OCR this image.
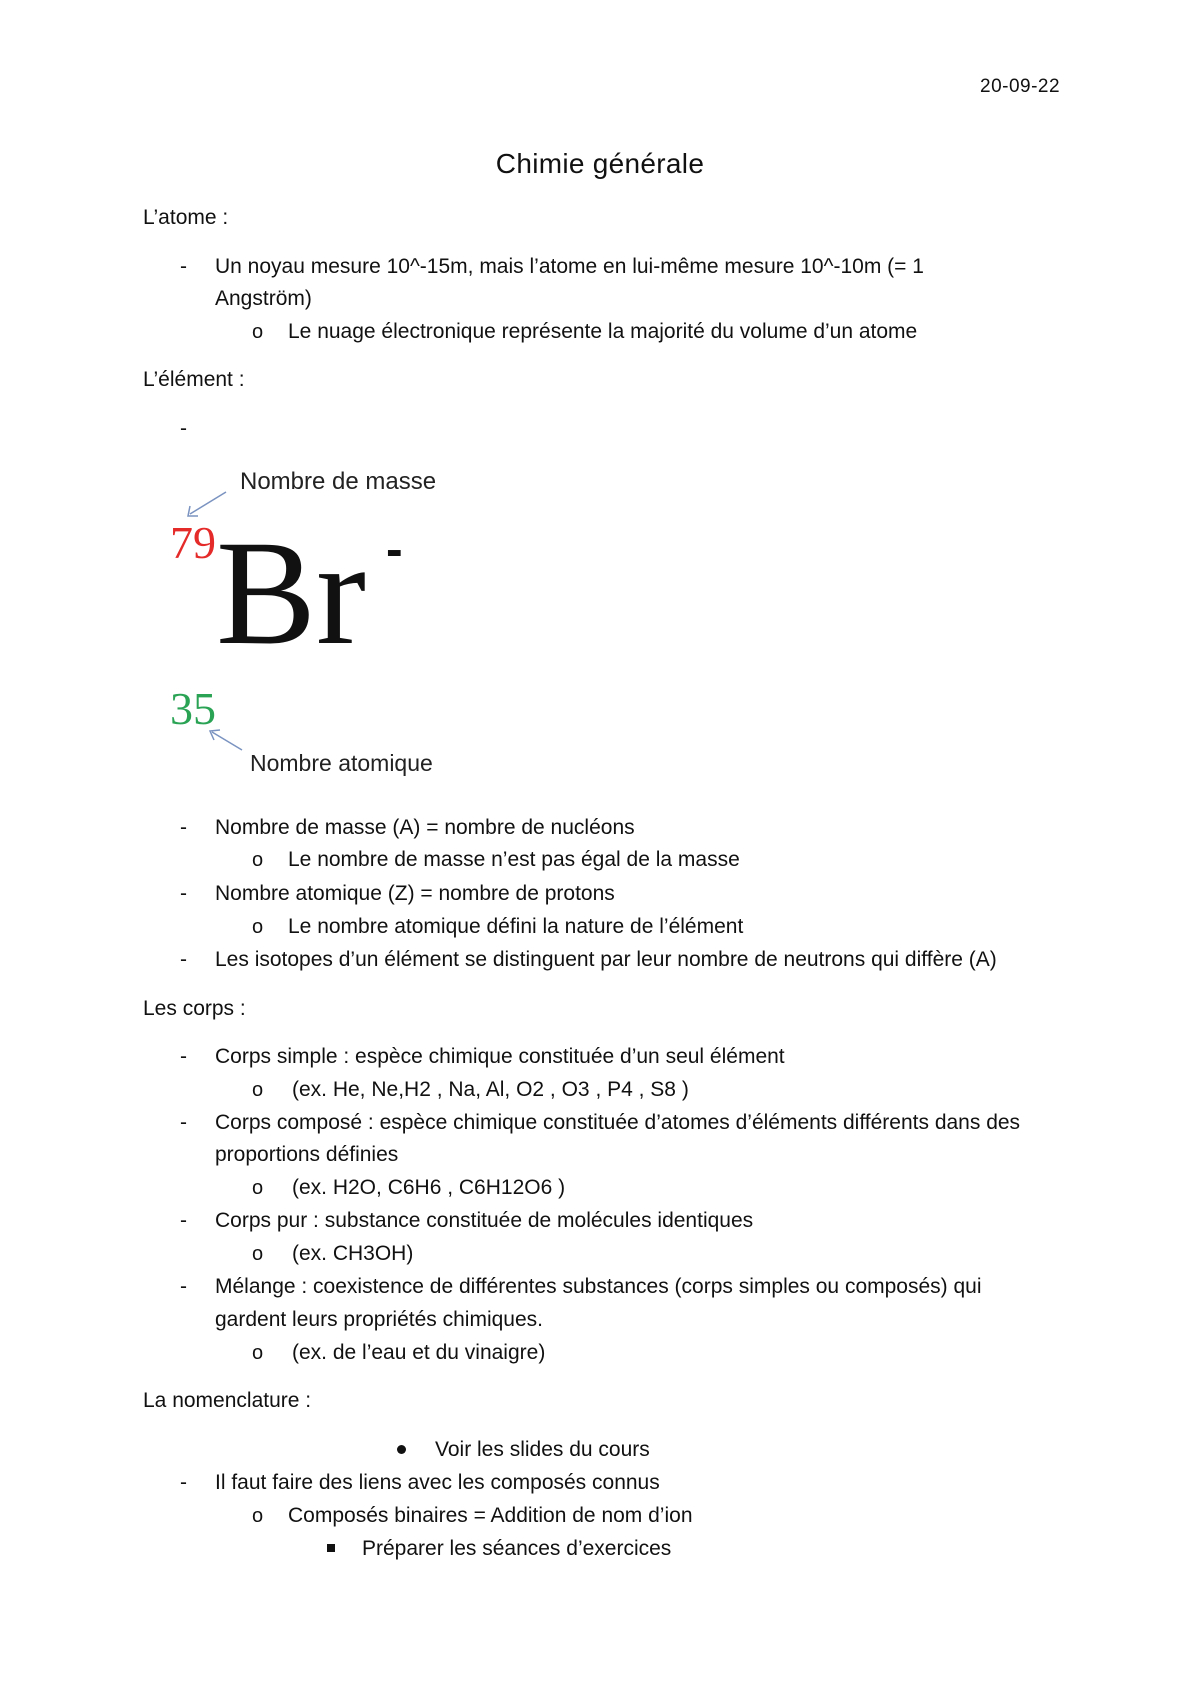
20-09-22
Chimie générale
L’atome :
- Un noyau mesure 10^-15m, mais l’atome en lui-même mesure 10^-10m (= 1
Angström)
o Le nuage électronique représente la majorité du volume d’un atome
L’élément :
-
Nombre de masse
79 Br -
35
Nombre atomique
- Nombre de masse (A) = nombre de nucléons
o Le nombre de masse n’est pas égal de la masse
- Nombre atomique (Z) = nombre de protons
o Le nombre atomique défini la nature de l’élément
- Les isotopes d’un élément se distinguent par leur nombre de neutrons qui diffère (A)
Les corps :
- Corps simple : espèce chimique constituée d’un seul élément
o (ex. He, Ne,H2 , Na, Al, O2 , O3 , P4 , S8 )
- Corps composé : espèce chimique constituée d’atomes d’éléments différents dans des
proportions définies
o (ex. H2O, C6H6 , C6H12O6 )
- Corps pur : substance constituée de molécules identiques
o (ex. CH3OH)
- Mélange : coexistence de différentes substances (corps simples ou composés) qui
gardent leurs propriétés chimiques.
o (ex. de l’eau et du vinaigre)
La nomenclature :
Voir les slides du cours
- Il faut faire des liens avec les composés connus
o Composés binaires = Addition de nom d’ion
Préparer les séances d’exercices
